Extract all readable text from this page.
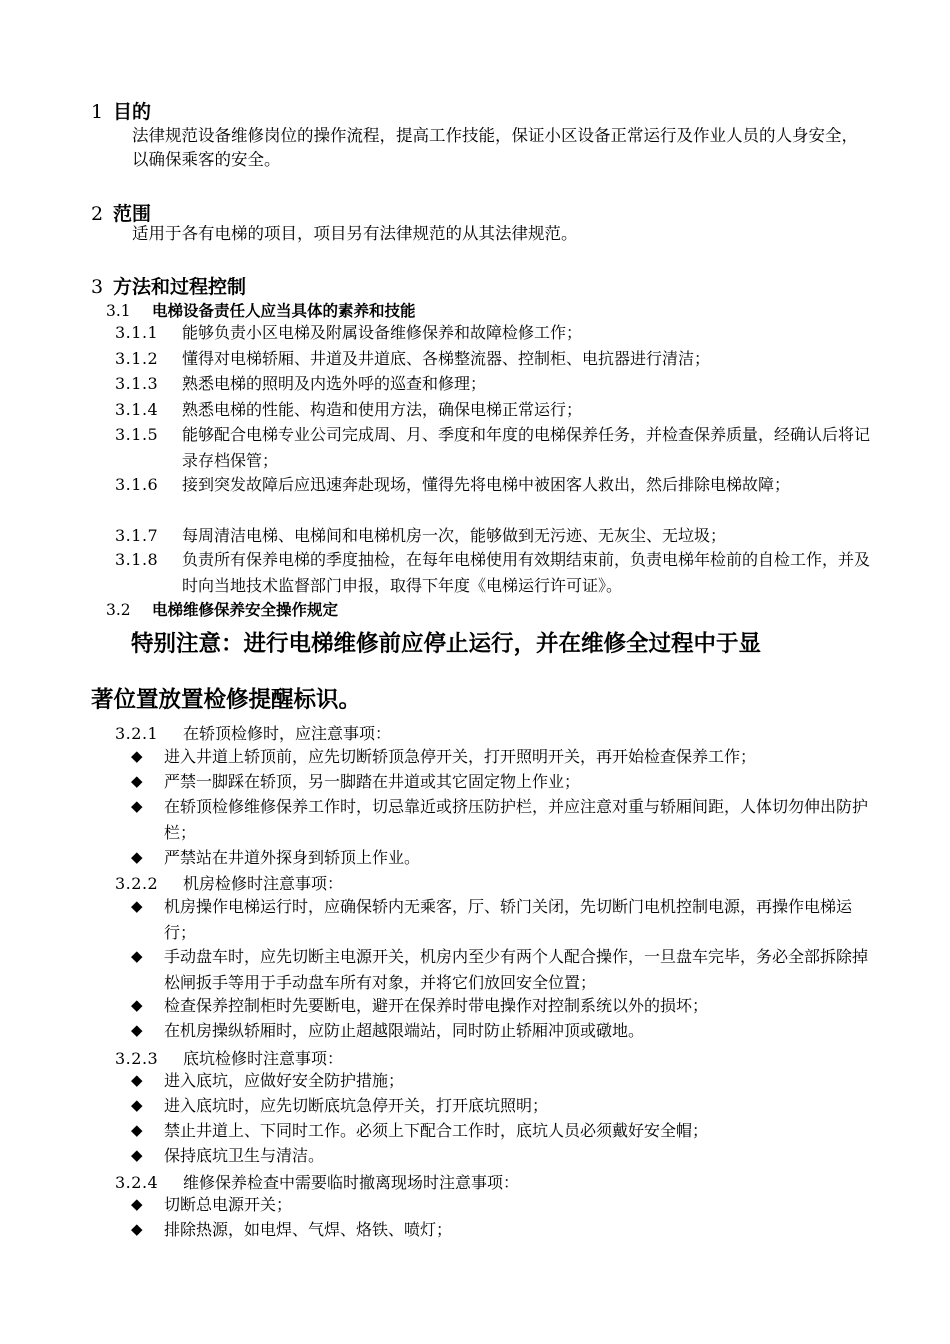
1 目的
法律规范设备维修岗位的操作流程，提高工作技能，保证小区设备正常运行及作业人员的人身安全，以确保乘客的安全。
2 范围
适用于各有电梯的项目，项目另有法律规范的从其法律规范。
3 方法和过程控制
3.1 电梯设备责任人应当具体的素养和技能
3.1.1	能够负责小区电梯及附属设备维修保养和故障检修工作；
3.1.2	懂得对电梯轿厢、井道及井道底、各梯整流器、控制柜、电抗器进行清洁；
3.1.3	熟悉电梯的照明及内选外呼的巡查和修理；
3.1.4	熟悉电梯的性能、构造和使用方法，确保电梯正常运行；
3.1.5	能够配合电梯专业公司完成周、月、季度和年度的电梯保养任务，并检查保养质量，经确认后将记录存档保管；
3.1.6	接到突发故障后应迅速奔赴现场，懂得先将电梯中被困客人救出，然后排除电梯故障；
3.1.7	每周清洁电梯、电梯间和电梯机房一次，能够做到无污迹、无灰尘、无垃圾；
3.1.8	负责所有保养电梯的季度抽检，在每年电梯使用有效期结束前，负责电梯年检前的自检工作，并及时向当地技术监督部门申报，取得下年度《电梯运行许可证》。
3.2 电梯维修保养安全操作规定
特别注意：进行电梯维修前应停止运行，并在维修全过程中于显
著位置放置检修提醒标识。
3.2.1 在轿顶检修时，应注意事项：
◆ 进入井道上轿顶前，应先切断轿顶急停开关，打开照明开关，再开始检查保养工作；
◆ 严禁一脚踩在轿顶，另一脚踏在井道或其它固定物上作业；
◆ 在轿顶检修维修保养工作时，切忌靠近或挤压防护栏，并应注意对重与轿厢间距，人体切勿伸出防护栏；
◆ 严禁站在井道外探身到轿顶上作业。
3.2.2 机房检修时注意事项：
◆ 机房操作电梯运行时，应确保轿内无乘客，厅、轿门关闭，先切断门电机控制电源，再操作电梯运行；
◆ 手动盘车时，应先切断主电源开关，机房内至少有两个人配合操作，一旦盘车完毕，务必全部拆除掉松闸扳手等用于手动盘车所有对象，并将它们放回安全位置；
◆ 检查保养控制柜时先要断电，避开在保养时带电操作对控制系统以外的损坏；
◆ 在机房操纵轿厢时，应防止超越限端站，同时防止轿厢冲顶或礅地。
3.2.3 底坑检修时注意事项：
◆ 进入底坑，应做好安全防护措施；
◆ 进入底坑时，应先切断底坑急停开关，打开底坑照明；
◆ 禁止井道上、下同时工作。必须上下配合工作时，底坑人员必须戴好安全帽；
◆ 保持底坑卫生与清洁。
3.2.4 维修保养检查中需要临时撤离现场时注意事项：
◆ 切断总电源开关；
◆ 排除热源，如电焊、气焊、烙铁、喷灯；
